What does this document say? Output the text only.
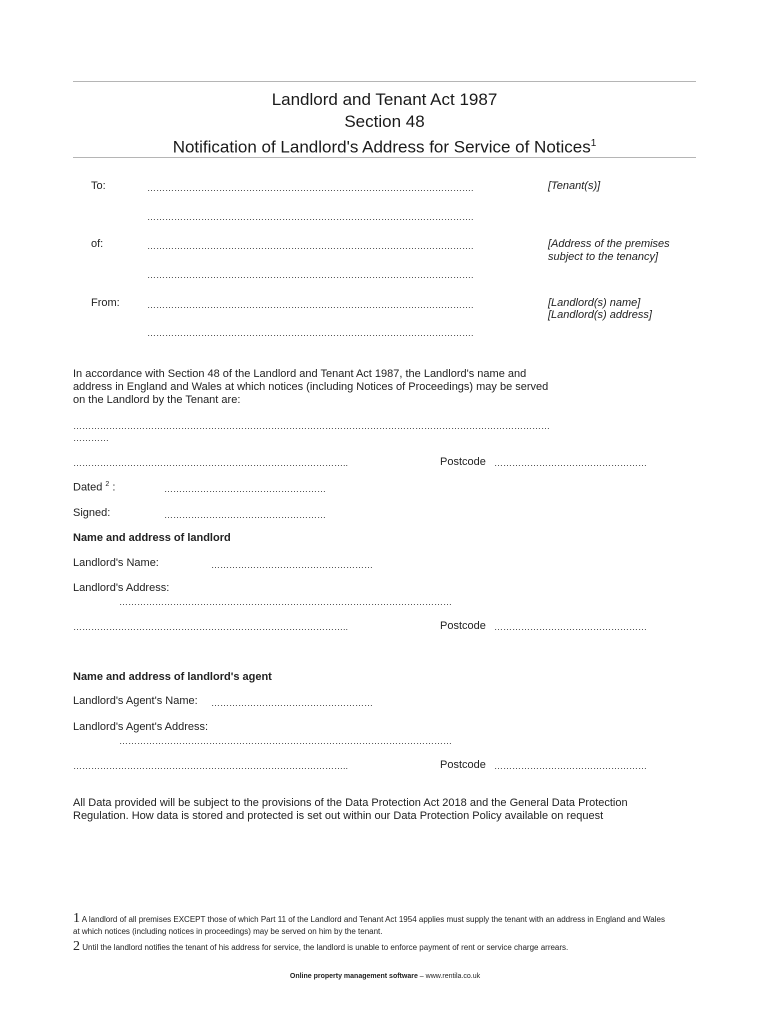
Landlord and Tenant Act 1987
Section 48
Notification of Landlord's Address for Service of Notices$^1$
To:	……………………………………………………………………………………………….	[Tenant(s)]
……………………………………………………………………………………………….
of:	……………………………………………………………………………………………….	[Address of the premises
subject to the tenancy]
……………………………………………………………………………………………….
From:	……………………………………………………………………………………………….	[Landlord(s) name]
[Landlord(s) address]
……………………………………………………………………………………………….
In accordance with Section 48 of the Landlord and Tenant Act 1987, the Landlord's name and address in England and Wales at which notices (including Notices of Proceedings) may be served on the Landlord by the Tenant are:
……………………………………………………………………………………………………………………………………………
…………
………………………………………………………………………………..	Postcode ……………………………………………
Dated $^2$ :	………………………………………………
Signed:	………………………………………………
Name and address of landlord
Landlord's Name:	………………………………………………
Landlord's Address:
…………………………………………………………………………………………………
………………………………………………………………………………..	Postcode ……………………………………………
Name and address of landlord's agent
Landlord's Agent's Name: ………………………………………………
Landlord's Agent's Address:
…………………………………………………………………………………………………
………………………………………………………………………………..	Postcode ……………………………………………
All Data provided will be subject to the provisions of the Data Protection Act 2018 and the General Data Protection Regulation. How data is stored and protected is set out within our Data Protection Policy available on request
1 A landlord of all premises EXCEPT those of which Part 11 of the Landlord and Tenant Act 1954 applies must supply the tenant with an address in England and Wales at which notices (including notices in proceedings) may be served on him by the tenant.
2 Until the landlord notifies the tenant of his address for service, the landlord is unable to enforce payment of rent or service charge arrears.
Online property management software – www.rentila.co.uk
